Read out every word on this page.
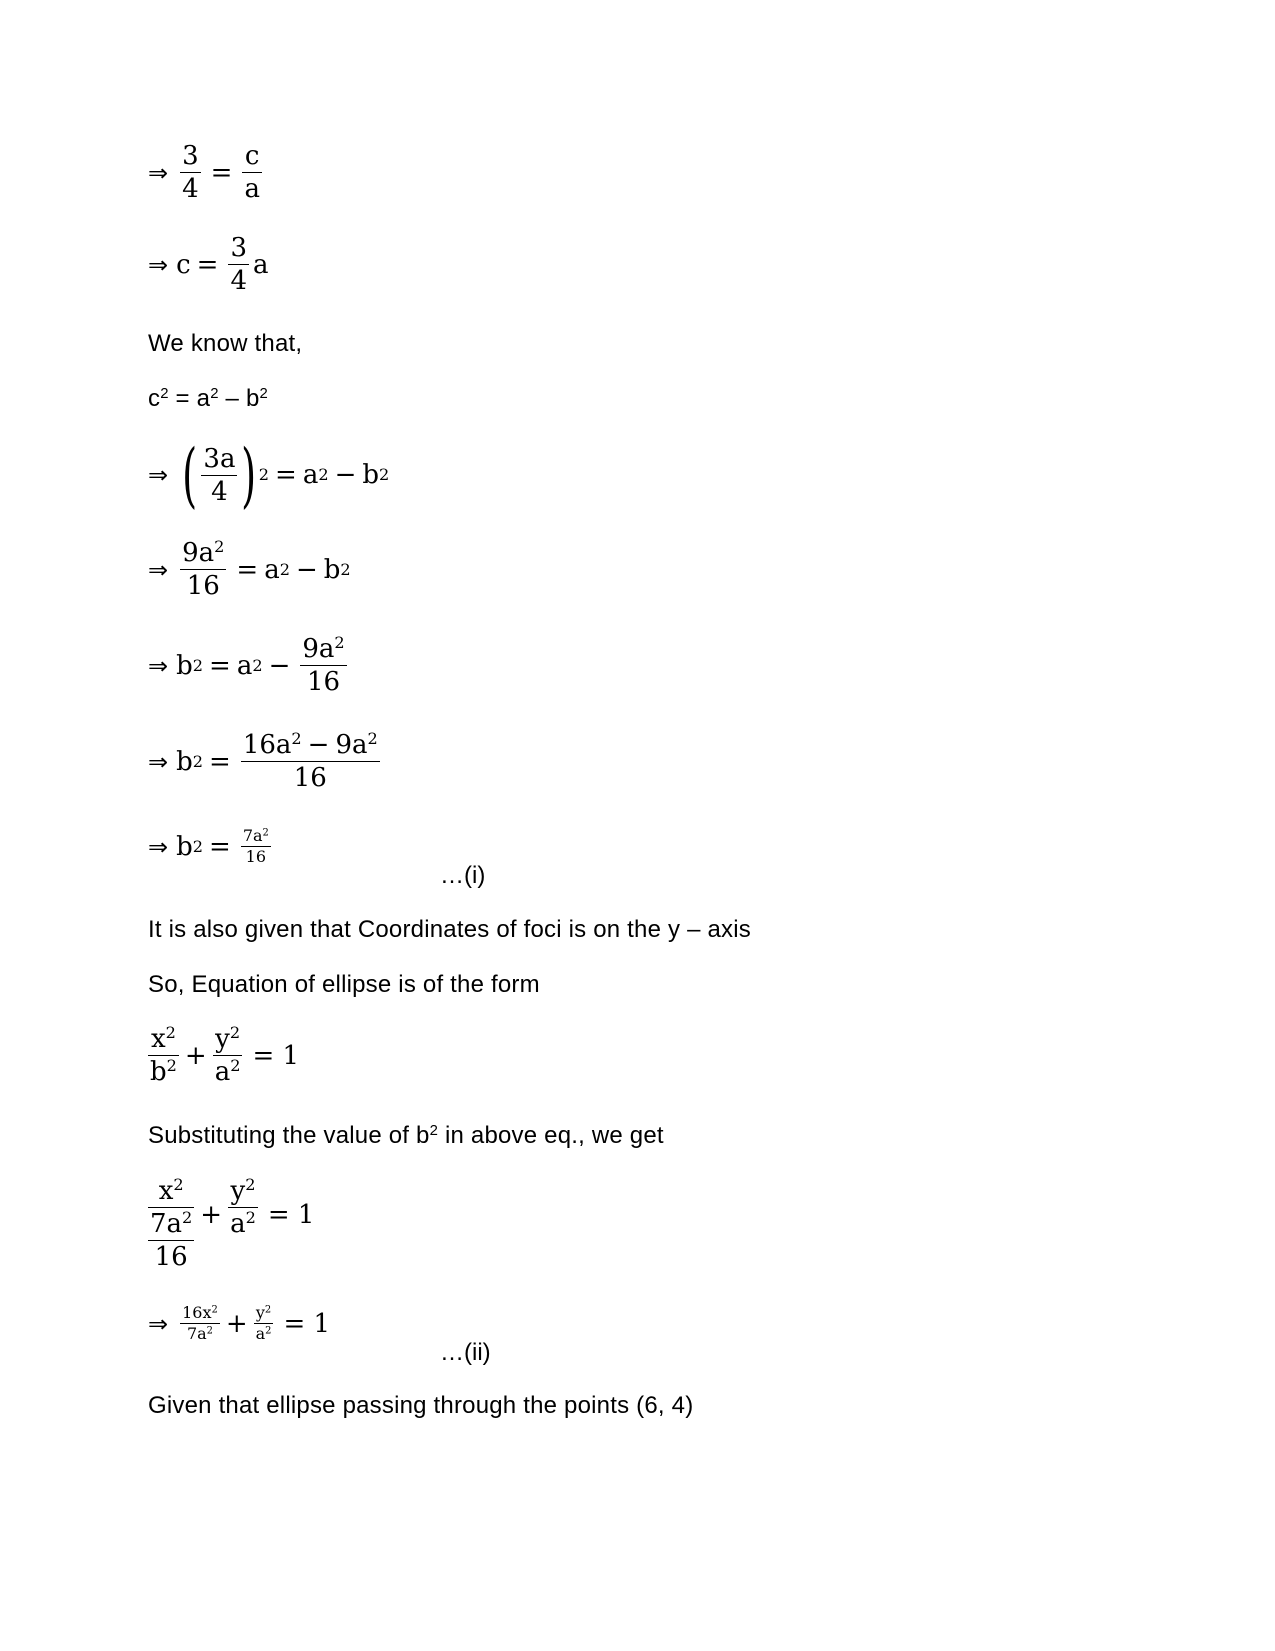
⇒ $\frac{3}{4} = \frac{c}{a}$
⇒ $c = \frac{3}{4}$ a
We know that,
$c^2 = a^2 - b^2$
⇒ ( $\frac{3a}{4}$ ) 2 = a 2 − b 2
⇒ $\frac{9a^2}{16} = a$ 2 − b 2
⇒ b 2 = a $2 - \frac{9a^2}{16}$
⇒ b $2 = \frac{16a^2 - 9a^2}{16}$
⇒ b $2 = \frac{7a^2}{16}$
…(i)
It is also given that Coordinates of foci is on the y – axis
So, Equation of ellipse is of the form
$\frac{x^2}{b^2} + \frac{y^2}{a^2} = 1$
Substituting the value of $b^2$ in above eq., we get
$\frac{x^2}{\frac{7a^2}{16}} + \frac{y^2}{a^2} = 1$
⇒ $\frac{16x^2}{7a^2} + \frac{y^2}{a^2} = 1$
…(ii)
Given that ellipse passing through the points (6, 4)
